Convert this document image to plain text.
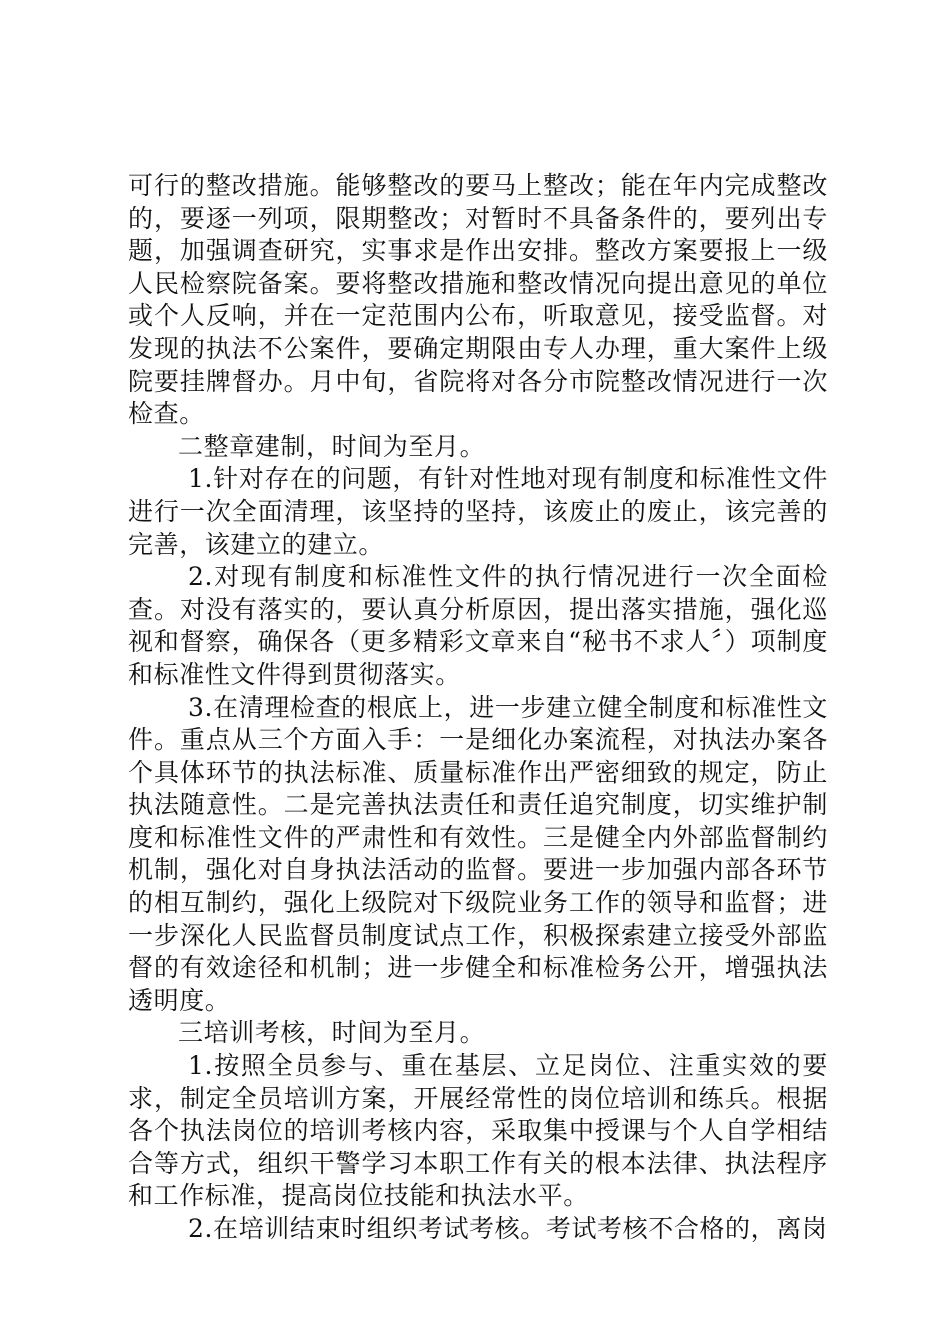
可行的整改措施。能够整改的要马上整改；能在年内完成整改的，要逐一列项，限期整改；对暂时不具备条件的，要列出专题，加强调查研究，实事求是作出安排。整改方案要报上一级人民检察院备案。要将整改措施和整改情况向提出意见的单位或个人反响，并在一定范围内公布，听取意见，接受监督。对发现的执法不公案件，要确定期限由专人办理，重大案件上级院要挂牌督办。月中旬，省院将对各分市院整改情况进行一次检查。

二整章建制，时间为至月。

1.针对存在的问题，有针对性地对现有制度和标准性文件进行一次全面清理，该坚持的坚持，该废止的废止，该完善的完善，该建立的建立。

2.对现有制度和标准性文件的执行情况进行一次全面检查。对没有落实的，要认真分析原因，提出落实措施，强化巡视和督察，确保各（更多精彩文章来自“秘书不求人〞）项制度和标准性文件得到贯彻落实。

3.在清理检查的根底上，进一步建立健全制度和标准性文件。重点从三个方面入手：一是细化办案流程，对执法办案各个具体环节的执法标准、质量标准作出严密细致的规定，防止执法随意性。二是完善执法责任和责任追究制度，切实维护制度和标准性文件的严肃性和有效性。三是健全内外部监督制约机制，强化对自身执法活动的监督。要进一步加强内部各环节的相互制约，强化上级院对下级院业务工作的领导和监督；进一步深化人民监督员制度试点工作，积极探索建立接受外部监督的有效途径和机制；进一步健全和标准检务公开，增强执法透明度。

三培训考核，时间为至月。

1.按照全员参与、重在基层、立足岗位、注重实效的要求，制定全员培训方案，开展经常性的岗位培训和练兵。根据各个执法岗位的培训考核内容，采取集中授课与个人自学相结合等方式，组织干警学习本职工作有关的根本法律、执法程序和工作标准，提高岗位技能和执法水平。

2.在培训结束时组织考试考核。考试考核不合格的，离岗
